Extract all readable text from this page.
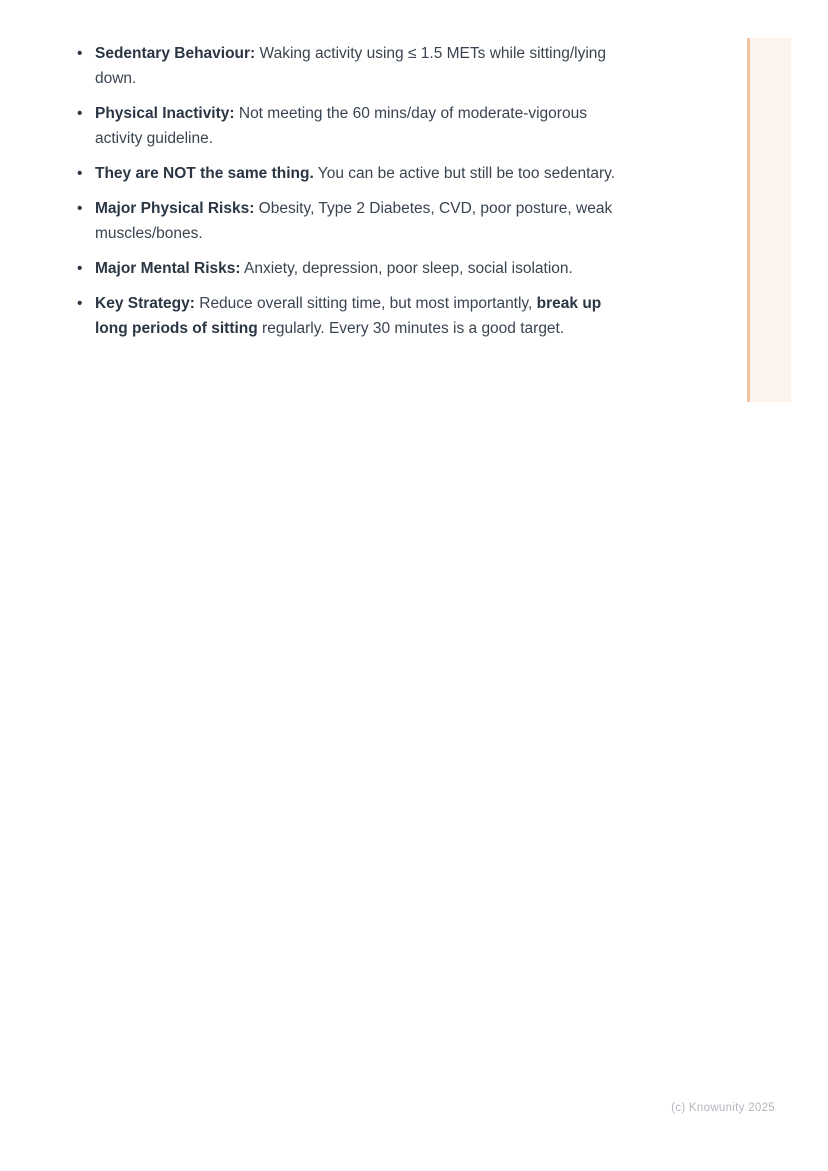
• Sedentary Behaviour: Waking activity using ≤ 1.5 METs while sitting/lying down.
• Physical Inactivity: Not meeting the 60 mins/day of moderate-vigorous activity guideline.
• They are NOT the same thing. You can be active but still be too sedentary.
• Major Physical Risks: Obesity, Type 2 Diabetes, CVD, poor posture, weak muscles/bones.
• Major Mental Risks: Anxiety, depression, poor sleep, social isolation.
• Key Strategy: Reduce overall sitting time, but most importantly, break up long periods of sitting regularly. Every 30 minutes is a good target.
(c) Knowunity 2025
